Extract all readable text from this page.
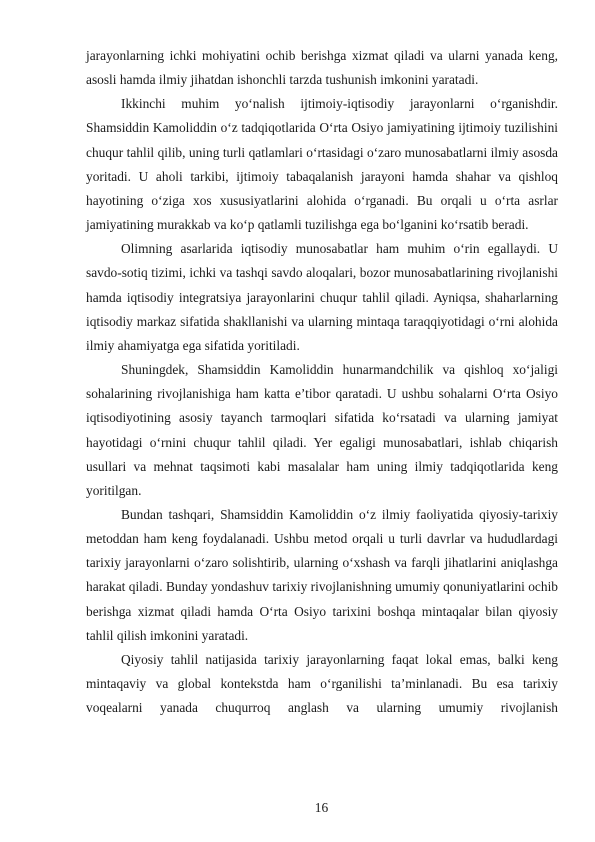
jarayonlarning ichki mohiyatini ochib berishga xizmat qiladi va ularni yanada keng, asosli hamda ilmiy jihatdan ishonchli tarzda tushunish imkonini yaratadi.

Ikkinchi muhim yo‘nalish ijtimoiy-iqtisodiy jarayonlarni o‘rganishdir. Shamsiddin Kamoliddin o‘z tadqiqotlarida O‘rta Osiyo jamiyatining ijtimoiy tuzilishini chuqur tahlil qilib, uning turli qatlamlari o‘rtasidagi o‘zaro munosabatlarni ilmiy asosda yoritadi. U aholi tarkibi, ijtimoiy tabaqalanish jarayoni hamda shahar va qishloq hayotining o‘ziga xos xususiyatlarini alohida o‘rganadi. Bu orqali u o‘rta asrlar jamiyatining murakkab va ko‘p qatlamli tuzilishga ega bo‘lganini ko‘rsatib beradi.

Olimning asarlarida iqtisodiy munosabatlar ham muhim o‘rin egallaydi. U savdo-sotiq tizimi, ichki va tashqi savdo aloqalari, bozor munosabatlarining rivojlanishi hamda iqtisodiy integratsiya jarayonlarini chuqur tahlil qiladi. Ayniqsa, shaharlarning iqtisodiy markaz sifatida shakllanishi va ularning mintaqa taraqqiyotidagi o‘rni alohida ilmiy ahamiyatga ega sifatida yoritiladi.

Shuningdek, Shamsiddin Kamoliddin hunarmandchilik va qishloq xo‘jaligi sohalarining rivojlanishiga ham katta e’tibor qaratadi. U ushbu sohalarni O‘rta Osiyo iqtisodiyotining asosiy tayanch tarmoqlari sifatida ko‘rsatadi va ularning jamiyat hayotidagi o‘rnini chuqur tahlil qiladi. Yer egaligi munosabatlari, ishlab chiqarish usullari va mehnat taqsimoti kabi masalalar ham uning ilmiy tadqiqotlarida keng yoritilgan.

Bundan tashqari, Shamsiddin Kamoliddin o‘z ilmiy faoliyatida qiyosiy-tarixiy metoddan ham keng foydalanadi. Ushbu metod orqali u turli davrlar va hududlardagi tarixiy jarayonlarni o‘zaro solishtirib, ularning o‘xshash va farqli jihatlarini aniqlashga harakat qiladi. Bunday yondashuv tarixiy rivojlanishning umumiy qonuniyatlarini ochib berishga xizmat qiladi hamda O‘rta Osiyo tarixini boshqa mintaqalar bilan qiyosiy tahlil qilish imkonini yaratadi.

Qiyosiy tahlil natijasida tarixiy jarayonlarning faqat lokal emas, balki keng mintaqaviy va global kontekstda ham o‘rganilishi ta’minlanadi. Bu esa tarixiy voqealarni yanada chuqurroq anglash va ularning umumiy rivojlanish

16
